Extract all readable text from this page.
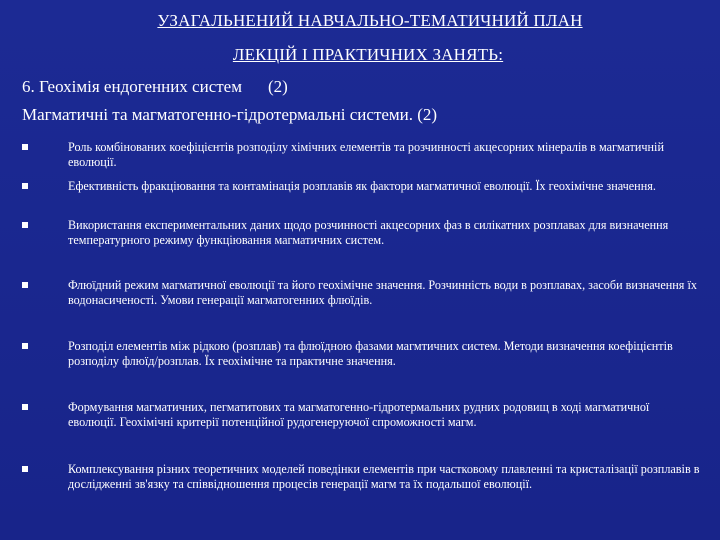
УЗАГАЛЬНЕНИЙ НАВЧАЛЬНО-ТЕМАТИЧНИЙ ПЛАН
ЛЕКЦІЙ І ПРАКТИЧНИХ ЗАНЯТЬ:
6. Геохімія ендогенних систем (2)
Магматичні та магматогенно-гідротермальні системи. (2)
Роль комбінованих коефіцієнтів розподілу хімічних елементів та розчинності акцесорних мінералів в магматичній еволюції.
Ефективність фракціювання та контамінація розплавів як фактори магматичної еволюції. Їх геохімічне значення.
Використання експериментальних даних щодо розчинності акцесорних фаз в силікатних розплавах для визначення температурного режиму функціювання магматичних систем.
Флюїдний режим магматичної еволюції та його геохімічне значення. Розчинність води в розплавах, засоби визначення їх водонасиченості. Умови генерації магматогенних флюїдів.
Розподіл елементів між рідкою (розплав) та флюїдною фазами магмтичних систем. Методи визначення коефіцієнтів розподілу флюїд/розплав. Їх геохімічне та практичне значення.
Формування магматичних, пегматитових та магматогенно-гідротермальних рудних родовищ в ході магматичної еволюції. Геохімічні критерії потенційної рудогенеруючої спроможності магм.
Комплексування різних теоретичних моделей поведінки елементів при частковому плавленні та кристалізації розплавів в дослідженні зв'язку та співвідношення процесів генерації магм та їх подальшої еволюції.
